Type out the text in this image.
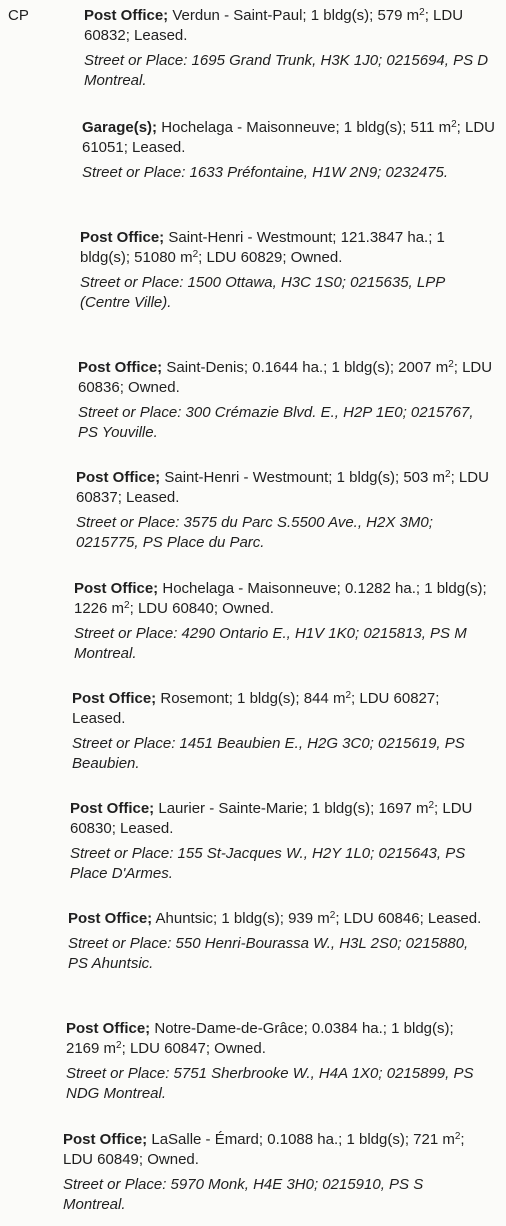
CP	Post Office; Verdun - Saint-Paul; 1 bldg(s); 579 $m^2$; LDU 60832; Leased.

Street or Place: 1695 Grand Trunk, H3K 1J0; 0215694, PS D Montreal.

Garage(s); Hochelaga - Maisonneuve; 1 bldg(s); 511 $m^2$; LDU 61051; Leased.

Street or Place: 1633 Préfontaine, H1W 2N9; 0232475.

Post Office; Saint-Henri - Westmount; 121.3847 ha.; 1 bldg(s); 51080 $m^2$; LDU 60829; Owned.

Street or Place: 1500 Ottawa, H3C 1S0; 0215635, LPP (Centre Ville).

Post Office; Saint-Denis; 0.1644 ha.; 1 bldg(s); 2007 $m^2$; LDU 60836; Owned.

Street or Place: 300 Crémazie Blvd. E., H2P 1E0; 0215767, PS Youville.

Post Office; Saint-Henri - Westmount; 1 bldg(s); 503 $m^2$; LDU 60837; Leased.

Street or Place: 3575 du Parc S.5500 Ave., H2X 3M0; 0215775, PS Place du Parc.

Post Office; Hochelaga - Maisonneuve; 0.1282 ha.; 1 bldg(s); 1226 $m^2$; LDU 60840; Owned.

Street or Place: 4290 Ontario E., H1V 1K0; 0215813, PS M Montreal.

Post Office; Rosemont; 1 bldg(s); 844 $m^2$; LDU 60827; Leased.

Street or Place: 1451 Beaubien E., H2G 3C0; 0215619, PS Beaubien.

Post Office; Laurier - Sainte-Marie; 1 bldg(s); 1697 $m^2$; LDU 60830; Leased.

Street or Place: 155 St-Jacques W., H2Y 1L0; 0215643, PS Place D'Armes.

Post Office; Ahuntsic; 1 bldg(s); 939 $m^2$; LDU 60846; Leased.

Street or Place: 550 Henri-Bourassa W., H3L 2S0; 0215880, PS Ahuntsic.

Post Office; Notre-Dame-de-Grâce; 0.0384 ha.; 1 bldg(s); 2169 $m^2$; LDU 60847; Owned.

Street or Place: 5751 Sherbrooke W., H4A 1X0; 0215899, PS NDG Montreal.

Post Office; LaSalle - Émard; 0.1088 ha.; 1 bldg(s); 721 $m^2$; LDU 60849; Owned.

Street or Place: 5970 Monk, H4E 3H0; 0215910, PS S Montreal.
